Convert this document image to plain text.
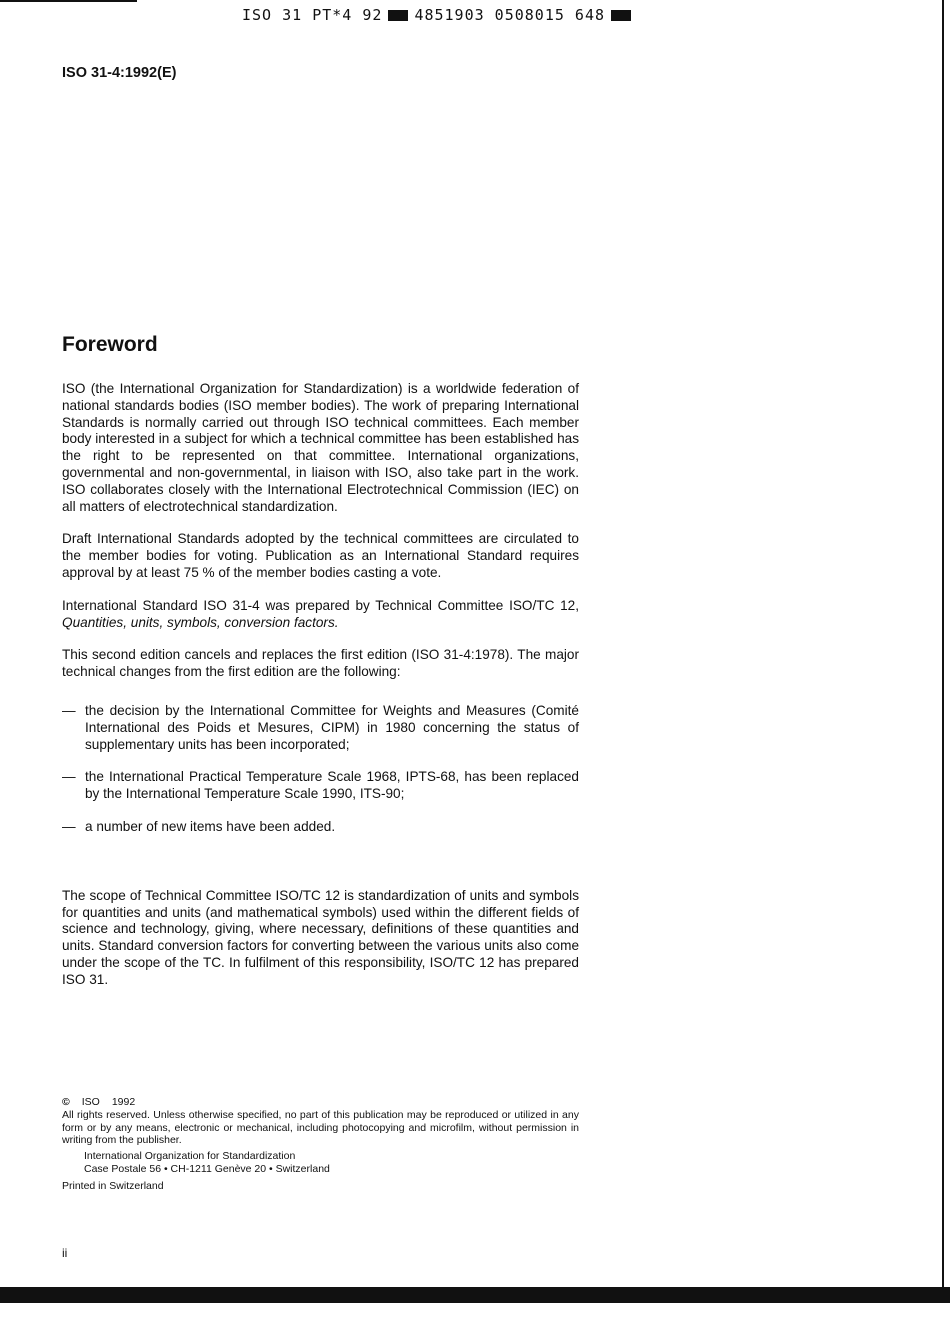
ISO 31 PT*4 92 4851903 0508015 648
ISO 31-4:1992(E)
Foreword

ISO (the International Organization for Standardization) is a worldwide federation of national standards bodies (ISO member bodies). The work of preparing International Standards is normally carried out through ISO technical committees. Each member body interested in a subject for which a technical committee has been established has the right to be represented on that committee. International organizations, governmental and non-governmental, in liaison with ISO, also take part in the work. ISO collaborates closely with the International Electrotechnical Commission (IEC) on all matters of electrotechnical standardization.

Draft International Standards adopted by the technical committees are circulated to the member bodies for voting. Publication as an International Standard requires approval by at least 75 % of the member bodies casting a vote.

International Standard ISO 31-4 was prepared by Technical Committee ISO/TC 12, Quantities, units, symbols, conversion factors.

This second edition cancels and replaces the first edition (ISO 31-4:1978). The major technical changes from the first edition are the following:

— the decision by the International Committee for Weights and Measures (Comité International des Poids et Mesures, CIPM) in 1980 concerning the status of supplementary units has been incorporated;
— the International Practical Temperature Scale 1968, IPTS-68, has been replaced by the International Temperature Scale 1990, ITS-90;
— a number of new items have been added.

The scope of Technical Committee ISO/TC 12 is standardization of units and symbols for quantities and units (and mathematical symbols) used within the different fields of science and technology, giving, where necessary, definitions of these quantities and units. Standard conversion factors for converting between the various units also come under the scope of the TC. In fulfilment of this responsibility, ISO/TC 12 has prepared ISO 31.

© ISO 1992
All rights reserved. Unless otherwise specified, no part of this publication may be reproduced or utilized in any form or by any means, electronic or mechanical, including photocopying and microfilm, without permission in writing from the publisher.
International Organization for Standardization
Case Postale 56 • CH-1211 Genève 20 • Switzerland
Printed in Switzerland
ii
